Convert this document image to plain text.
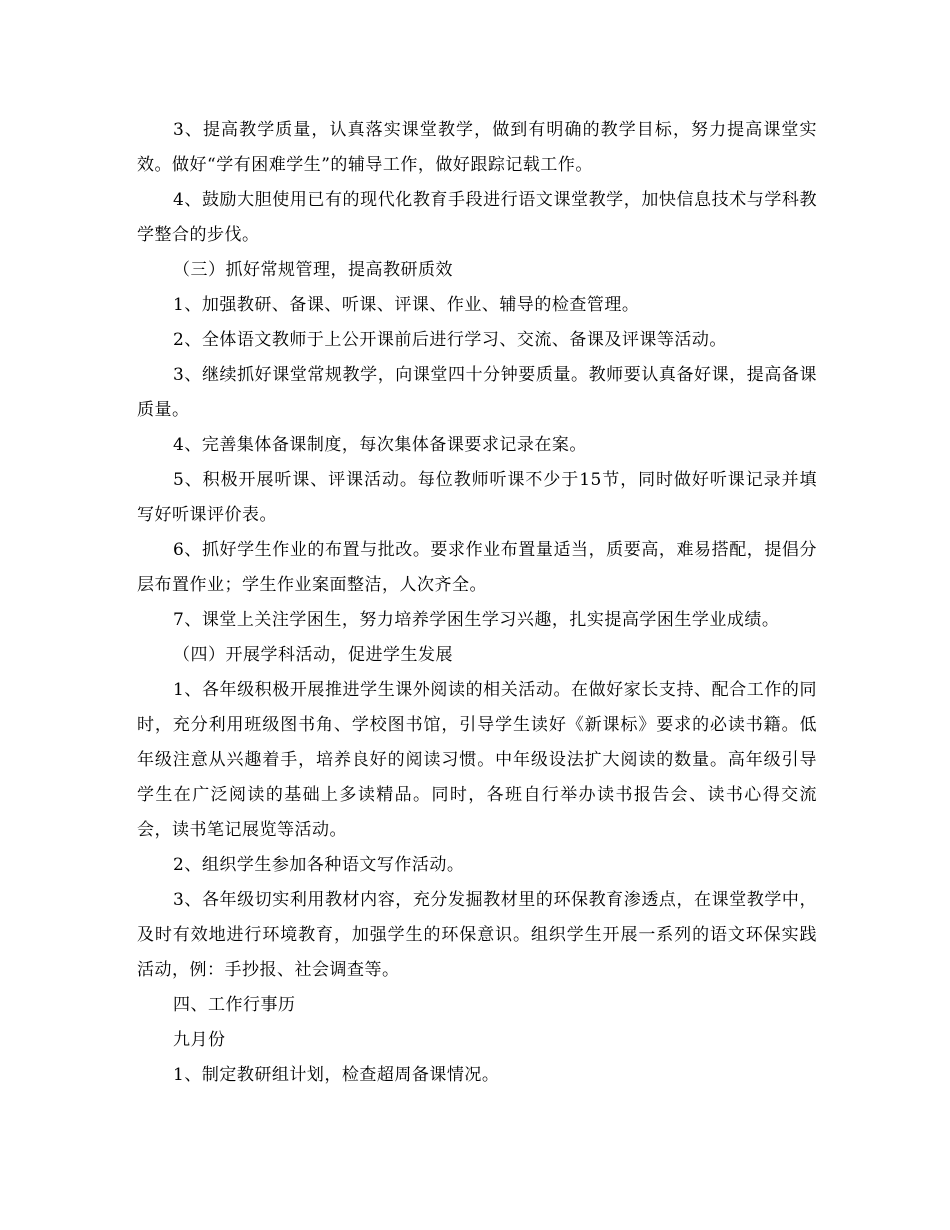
3、提高教学质量，认真落实课堂教学，做到有明确的教学目标，努力提高课堂实效。做好“学有困难学生”的辅导工作，做好跟踪记载工作。

4、鼓励大胆使用已有的现代化教育手段进行语文课堂教学，加快信息技术与学科教学整合的步伐。

（三）抓好常规管理，提高教研质效

1、加强教研、备课、听课、评课、作业、辅导的检查管理。

2、全体语文教师于上公开课前后进行学习、交流、备课及评课等活动。

3、继续抓好课堂常规教学，向课堂四十分钟要质量。教师要认真备好课，提高备课质量。

4、完善集体备课制度，每次集体备课要求记录在案。

5、积极开展听课、评课活动。每位教师听课不少于15节，同时做好听课记录并填写好听课评价表。

6、抓好学生作业的布置与批改。要求作业布置量适当，质要高，难易搭配，提倡分层布置作业；学生作业案面整洁，人次齐全。

7、课堂上关注学困生，努力培养学困生学习兴趣，扎实提高学困生学业成绩。

（四）开展学科活动，促进学生发展

1、各年级积极开展推进学生课外阅读的相关活动。在做好家长支持、配合工作的同时，充分利用班级图书角、学校图书馆，引导学生读好《新课标》要求的必读书籍。低年级注意从兴趣着手，培养良好的阅读习惯。中年级设法扩大阅读的数量。高年级引导学生在广泛阅读的基础上多读精品。同时，各班自行举办读书报告会、读书心得交流会，读书笔记展览等活动。

2、组织学生参加各种语文写作活动。

3、各年级切实利用教材内容，充分发掘教材里的环保教育渗透点，在课堂教学中，及时有效地进行环境教育，加强学生的环保意识。组织学生开展一系列的语文环保实践活动，例：手抄报、社会调查等。

四、工作行事历

九月份

1、制定教研组计划，检查超周备课情况。
